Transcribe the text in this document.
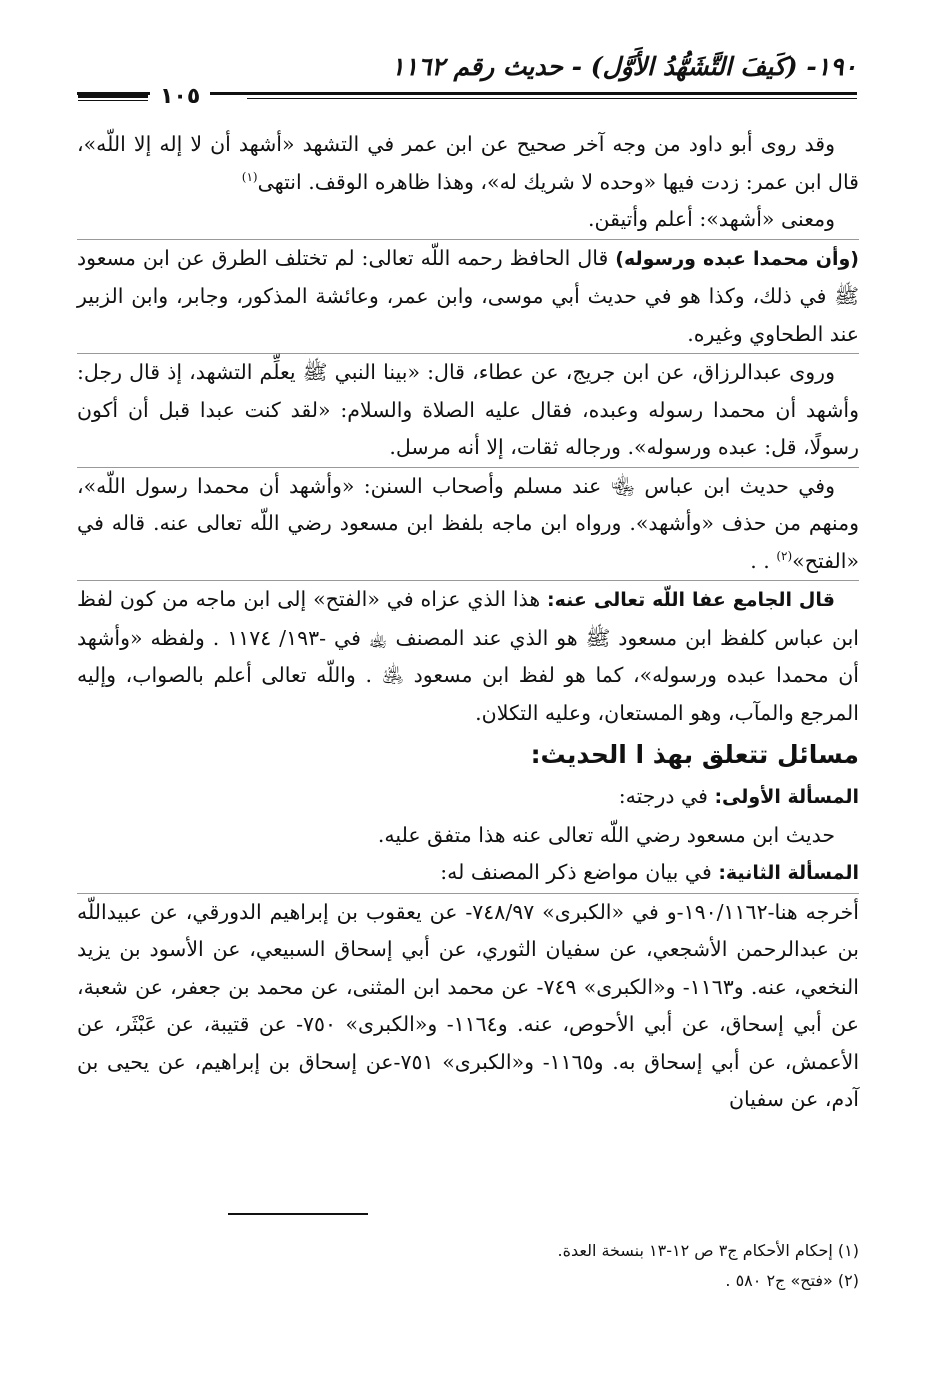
١٩٠- (كَيفَ التَّشَهُّدُ الأَوَّل) - حديث رقم ١١٦٢
١٠٥

وقد روى أبو داود من وجه آخر صحيح عن ابن عمر في التشهد «أشهد أن لا إله إلا اللّه»، قال ابن عمر: زدت فيها «وحده لا شريك له»، وهذا ظاهره الوقف. انتهى$^{(١)}$

ومعنى «أشهد»: أعلم وأتيقن.

(وأن محمدا عبده ورسوله) قال الحافظ رحمه اللّه تعالى: لم تختلف الطرق عن ابن مسعود ﷺ في ذلك، وكذا هو في حديث أبي موسى، وابن عمر، وعائشة المذكور، وجابر، وابن الزبير عند الطحاوي وغيره.

وروى عبدالرزاق، عن ابن جريج، عن عطاء، قال: «بينا النبي ﷺ يعلِّم التشهد، إذ قال رجل: وأشهد أن محمدا رسوله وعبده، فقال عليه الصلاة والسلام: «لقد كنت عبدا قبل أن أكون رسولًا، قل: عبده ورسوله». ورجاله ثقات، إلا أنه مرسل.

وفي حديث ابن عباس ﵄ عند مسلم وأصحاب السنن: «وأشهد أن محمدا رسول اللّه»، ومنهم من حذف «وأشهد». ورواه ابن ماجه بلفظ ابن مسعود رضي اللّه تعالى عنه. قاله في «الفتح»$^{(٢)}$ . .

قال الجامع عفا اللّه تعالى عنه: هذا الذي عزاه في «الفتح» إلى ابن ماجه من كون لفظ ابن عباس كلفظ ابن مسعود ﷺ هو الذي عند المصنف ﵀ في -١٩٣/ ١١٧٤ . ولفظه «وأشهد أن محمدا عبده ورسوله»، كما هو لفظ ابن مسعود ﵁ . واللّه تعالى أعلم بالصواب، وإليه المرجع والمآب، وهو المستعان، وعليه التكلان.

مسائل تتعلق بهذ ا الحديث:

المسألة الأولى: في درجته:

حديث ابن مسعود رضي اللّه تعالى عنه هذا متفق عليه.

المسألة الثانية: في بيان مواضع ذكر المصنف له:

أخرجه هنا-١٩٠/١١٦٢-و في «الكبرى» ٧٤٨/٩٧- عن يعقوب بن إبراهيم الدورقي، عن عبيداللّه بن عبدالرحمن الأشجعي، عن سفيان الثوري، عن أبي إسحاق السبيعي، عن الأسود بن يزيد النخعي، عنه. و١١٦٣- و«الكبرى» ٧٤٩- عن محمد ابن المثنى، عن محمد بن جعفر، عن شعبة، عن أبي إسحاق، عن أبي الأحوص، عنه. و١١٦٤- و«الكبرى» ٧٥٠- عن قتيبة، عن عَبْثَر، عن الأعمش، عن أبي إسحاق به. و١١٦٥- و«الكبرى» ٧٥١-عن إسحاق بن إبراهيم، عن يحيى بن آدم، عن سفيان

(١) إحكام الأحكام ج٣ ص ١٢-١٣ بنسخة العدة.

(٢) «فتح» ج٢ ٥٨٠ .
